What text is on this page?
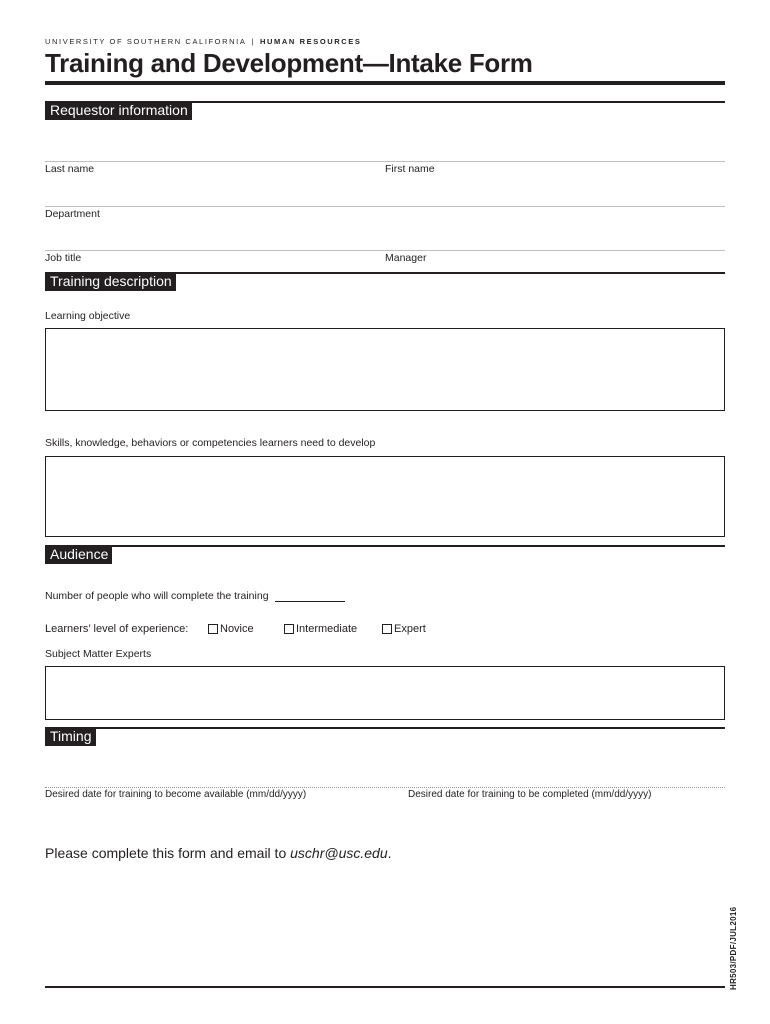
UNIVERSITY OF SOUTHERN CALIFORNIA | HUMAN RESOURCES
Training and Development—Intake Form
Requestor information
Last name	First name
Department
Job title	Manager
Training description
Learning objective
Skills, knowledge, behaviors or competencies learners need to develop
Audience
Number of people who will complete the training
Learners’ level of experience:	Novice	Intermediate	Expert
Subject Matter Experts
Timing
Desired date for training to become available (mm/dd/yyyy)	Desired date for training to be completed (mm/dd/yyyy)
Please complete this form and email to uschr@usc.edu.
HR503/PDF/JUL2016
